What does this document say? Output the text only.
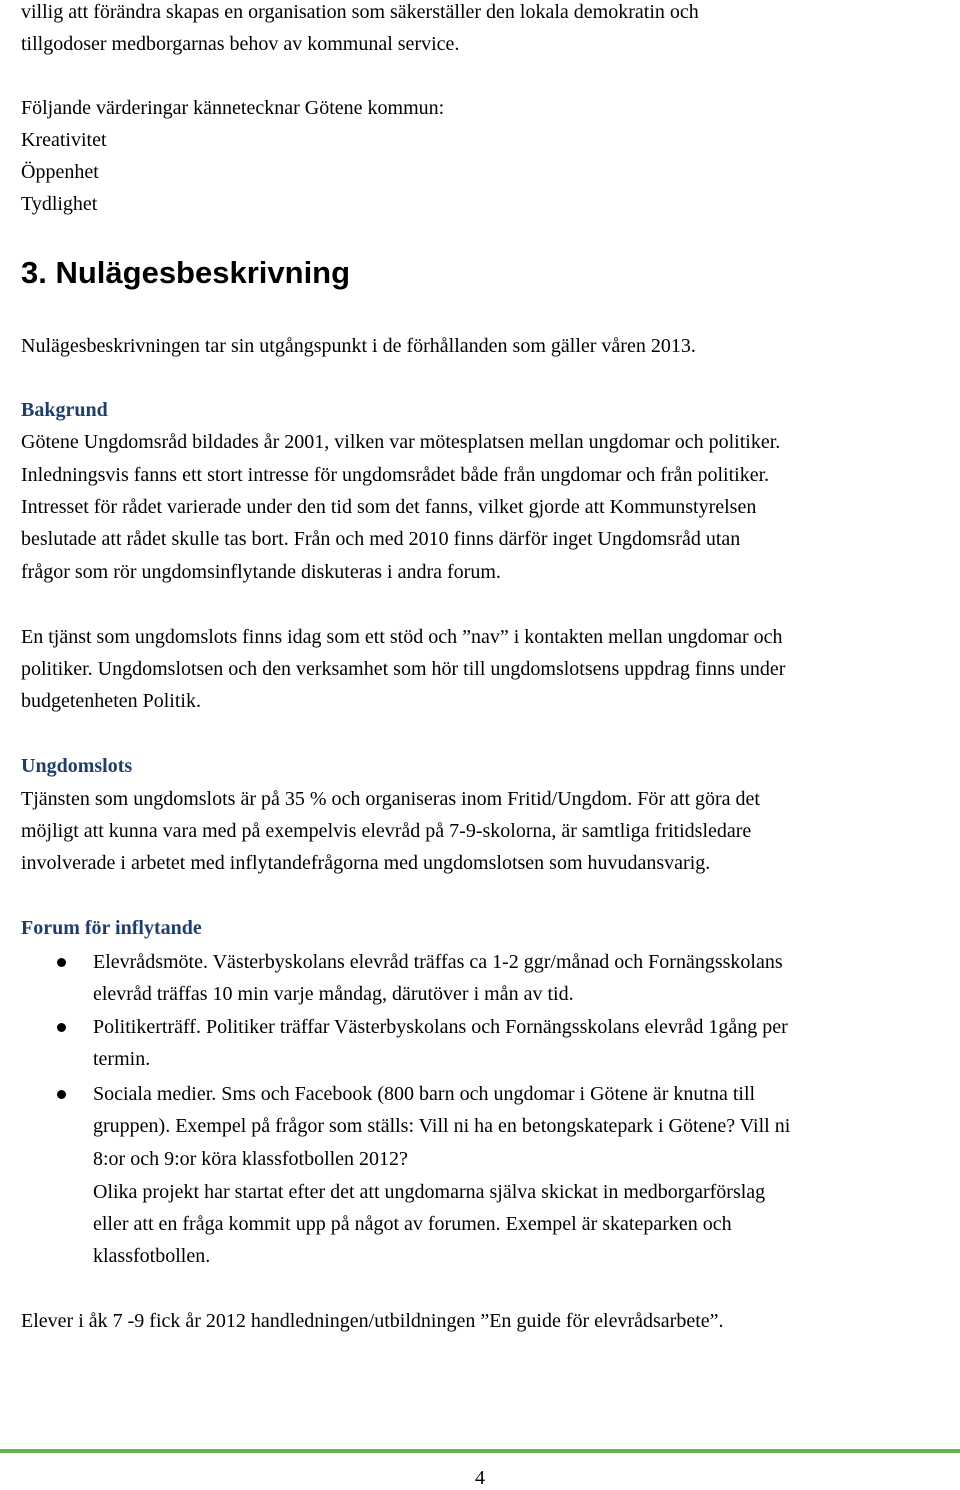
villig att förändra skapas en organisation som säkerställer den lokala demokratin och
tillgodoser medborgarnas behov av kommunal service.
Följande värderingar kännetecknar Götene kommun:
Kreativitet
Öppenhet
Tydlighet
3. Nulägesbeskrivning
Nulägesbeskrivningen tar sin utgångspunkt i de förhållanden som gäller våren 2013.
Bakgrund
Götene Ungdomsråd bildades år 2001, vilken var mötesplatsen mellan ungdomar och politiker.
Inledningsvis fanns ett stort intresse för ungdomsrådet både från ungdomar och från politiker.
Intresset för rådet varierade under den tid som det fanns, vilket gjorde att Kommunstyrelsen
beslutade att rådet skulle tas bort. Från och med 2010 finns därför inget Ungdomsråd utan
frågor som rör ungdomsinflytande diskuteras i andra forum.
En tjänst som ungdomslots finns idag som ett stöd och ”nav” i kontakten mellan ungdomar och
politiker. Ungdomslotsen och den verksamhet som hör till ungdomslotsens uppdrag finns under
budgetenheten Politik.
Ungdomslots
Tjänsten som ungdomslots är på 35 % och organiseras inom Fritid/Ungdom. För att göra det
möjligt att kunna vara med på exempelvis elevråd på 7-9-skolorna, är samtliga fritidsledare
involverade i arbetet med inflytandefrågorna med ungdomslotsen som huvudansvarig.
Forum för inflytande
Elevrådsmöte. Västerbyskolans elevråd träffas ca 1-2 ggr/månad och Fornängsskolans
elevråd träffas 10 min varje måndag, därutöver i mån av tid.
Politikerträff. Politiker träffar Västerbyskolans och Fornängsskolans elevråd 1gång per
termin.
Sociala medier. Sms och Facebook (800 barn och ungdomar i Götene är knutna till
gruppen). Exempel på frågor som ställs: Vill ni ha en betongskatepark i Götene? Vill ni
8:or och 9:or köra klassfotbollen 2012?
Olika projekt har startat efter det att ungdomarna själva skickat in medborgarförslag
eller att en fråga kommit upp på något av forumen. Exempel är skateparken och
klassfotbollen.
Elever i åk 7 -9 fick år 2012 handledningen/utbildningen ”En guide för elevrådsarbete”.
4
